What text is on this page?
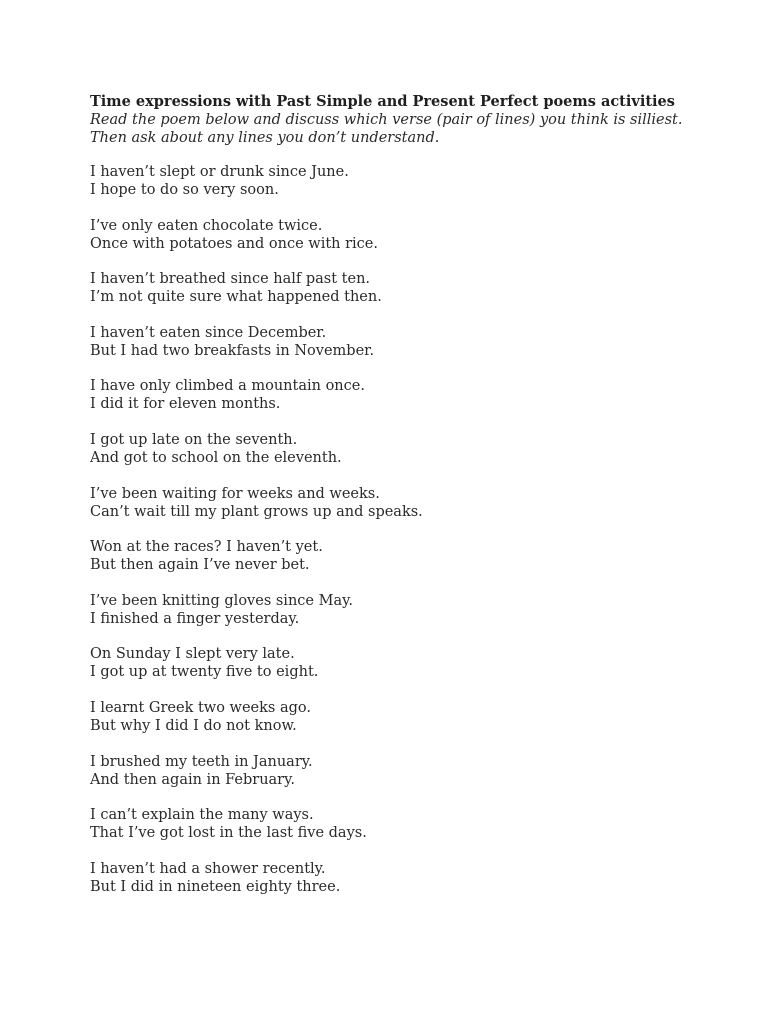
Time expressions with Past Simple and Present Perfect poems activities
Read the poem below and discuss which verse (pair of lines) you think is silliest. Then ask about any lines you don’t understand.
I haven’t slept or drunk since June.
I hope to do so very soon.
I’ve only eaten chocolate twice.
Once with potatoes and once with rice.
I haven’t breathed since half past ten.
I’m not quite sure what happened then.
I haven’t eaten since December.
But I had two breakfasts in November.
I have only climbed a mountain once.
I did it for eleven months.
I got up late on the seventh.
And got to school on the eleventh.
I’ve been waiting for weeks and weeks.
Can’t wait till my plant grows up and speaks.
Won at the races? I haven’t yet.
But then again I’ve never bet.
I’ve been knitting gloves since May.
I finished a finger yesterday.
On Sunday I slept very late.
I got up at twenty five to eight.
I learnt Greek two weeks ago.
But why I did I do not know.
I brushed my teeth in January.
And then again in February.
I can’t explain the many ways.
That I’ve got lost in the last five days.
I haven’t had a shower recently.
But I did in nineteen eighty three.
